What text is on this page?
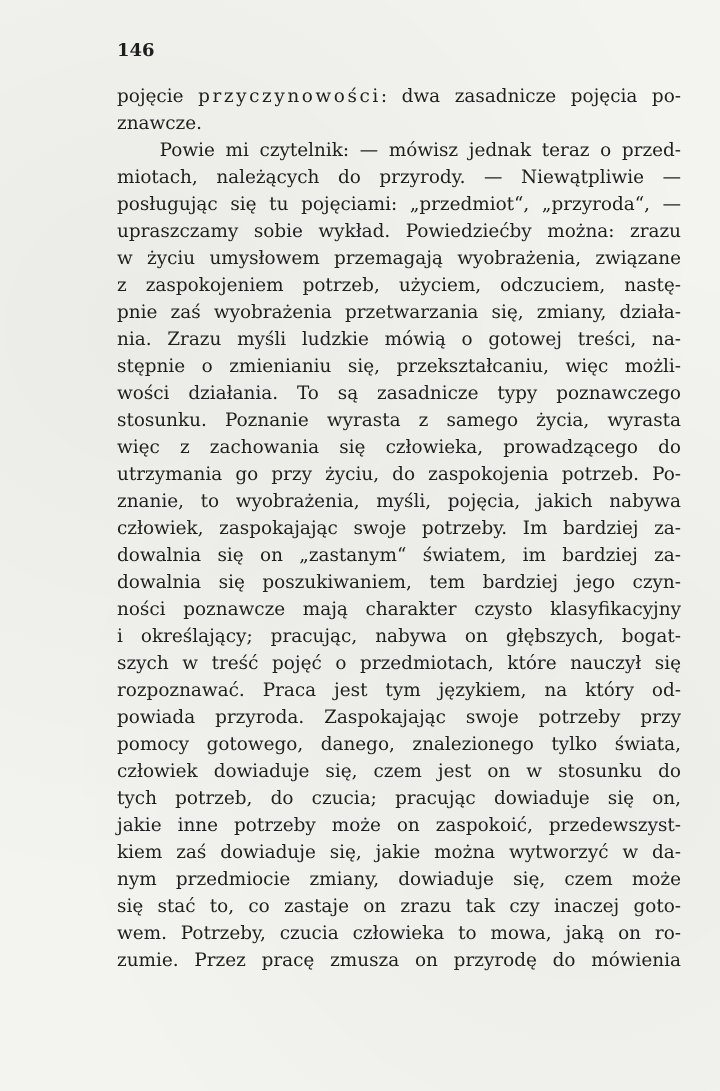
146
pojęcie przyczynowości: dwa zasadnicze pojęcia po-
znawcze.
Powie mi czytelnik: — mówisz jednak teraz o przed-
miotach, należących do przyrody. — Niewątpliwie —
posługując się tu pojęciami: „przedmiot“, „przyroda“, —
upraszczamy sobie wykład. Powiedziećby można: zrazu
w życiu umysłowem przemagają wyobrażenia, związane
z zaspokojeniem potrzeb, użyciem, odczuciem, nastę-
pnie zaś wyobrażenia przetwarzania się, zmiany, działa-
nia. Zrazu myśli ludzkie mówią o gotowej treści, na-
stępnie o zmienianiu się, przekształcaniu, więc możli-
wości działania. To są zasadnicze typy poznawczego
stosunku. Poznanie wyrasta z samego życia, wyrasta
więc z zachowania się człowieka, prowadzącego do
utrzymania go przy życiu, do zaspokojenia potrzeb. Po-
znanie, to wyobrażenia, myśli, pojęcia, jakich nabywa
człowiek, zaspokajając swoje potrzeby. Im bardziej za-
dowalnia się on „zastanym“ światem, im bardziej za-
dowalnia się poszukiwaniem, tem bardziej jego czyn-
ności poznawcze mają charakter czysto klasyfikacyjny
i określający; pracując, nabywa on głębszych, bogat-
szych w treść pojęć o przedmiotach, które nauczył się
rozpoznawać. Praca jest tym językiem, na który od-
powiada przyroda. Zaspokajając swoje potrzeby przy
pomocy gotowego, danego, znalezionego tylko świata,
człowiek dowiaduje się, czem jest on w stosunku do
tych potrzeb, do czucia; pracując dowiaduje się on,
jakie inne potrzeby może on zaspokoić, przedewszyst-
kiem zaś dowiaduje się, jakie można wytworzyć w da-
nym przedmiocie zmiany, dowiaduje się, czem może
się stać to, co zastaje on zrazu tak czy inaczej goto-
wem. Potrzeby, czucia człowieka to mowa, jaką on ro-
zumie. Przez pracę zmusza on przyrodę do mówienia
